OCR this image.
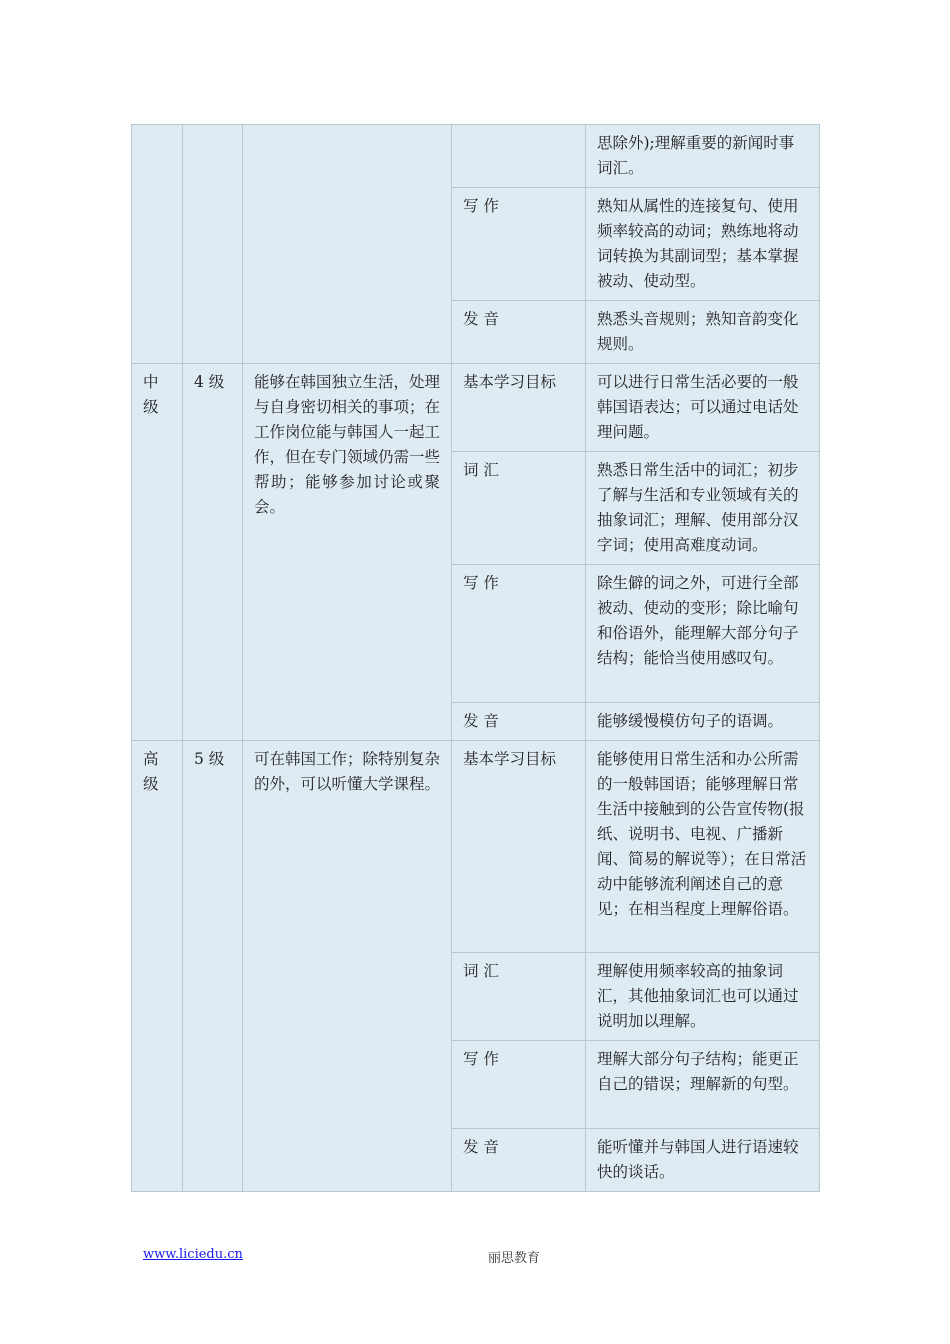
				思除外);理解重要的新闻时事词汇。

			写 作	熟知从属性的连接复句、使用频率较高的动词；熟练地将动词转换为其副词型；基本掌握被动、使动型。

			发 音	熟悉头音规则；熟知音韵变化规则。

中
级	4 级	能够在韩国独立生活，处理与自身密切相关的事项；在工作岗位能与韩国人一起工作，但在专门领域仍需一些帮助；能够参加讨论或聚会。	基本学习目标	可以进行日常生活必要的一般韩国语表达；可以通过电话处理问题。

			词 汇	熟悉日常生活中的词汇；初步了解与生活和专业领域有关的抽象词汇；理解、使用部分汉字词；使用高难度动词。

			写 作	除生僻的词之外，可进行全部被动、使动的变形；除比喻句和俗语外，能理解大部分句子结构；能恰当使用感叹句。

			发 音	能够缓慢模仿句子的语调。

高
级	5 级	可在韩国工作；除特别复杂的外，可以听懂大学课程。	基本学习目标	能够使用日常生活和办公所需的一般韩国语；能够理解日常生活中接触到的公告宣传物(报纸、说明书、电视、广播新闻、简易的解说等）；在日常活动中能够流利阐述自己的意见；在相当程度上理解俗语。

			词 汇	理解使用频率较高的抽象词汇，其他抽象词汇也可以通过说明加以理解。

			写 作	理解大部分句子结构；能更正自己的错误；理解新的句型。

			发 音	能听懂并与韩国人进行语速较快的谈话。
www.liciedu.cn	丽思教育
